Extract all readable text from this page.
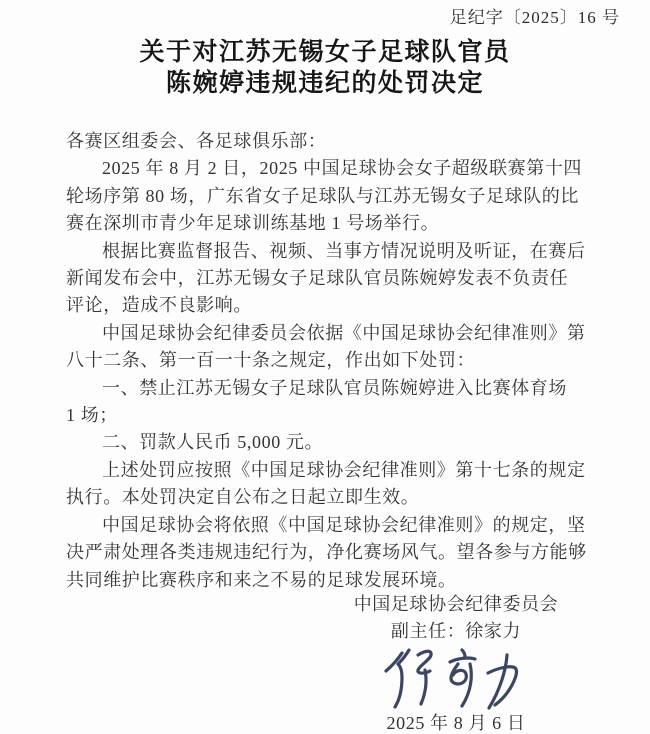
足纪字〔2025〕16 号
关于对江苏无锡女子足球队官员
陈婉婷违规违纪的处罚决定
各赛区组委会、各足球俱乐部：
2025 年 8 月 2 日，2025 中国足球协会女子超级联赛第十四
轮场序第 80 场，广东省女子足球队与江苏无锡女子足球队的比
赛在深圳市青少年足球训练基地 1 号场举行。
根据比赛监督报告、视频、当事方情况说明及听证，在赛后
新闻发布会中，江苏无锡女子足球队官员陈婉婷发表不负责任
评论，造成不良影响。
中国足球协会纪律委员会依据《中国足球协会纪律准则》第
八十二条、第一百一十条之规定，作出如下处罚：
一、禁止江苏无锡女子足球队官员陈婉婷进入比赛体育场
1 场；
二、罚款人民币 5,000 元。
上述处罚应按照《中国足球协会纪律准则》第十七条的规定
执行。本处罚决定自公布之日起立即生效。
中国足球协会将依照《中国足球协会纪律准则》的规定，坚
决严肃处理各类违规违纪行为，净化赛场风气。望各参与方能够
共同维护比赛秩序和来之不易的足球发展环境。
中国足球协会纪律委员会
副主任：徐家力
2025 年 8 月 6 日
